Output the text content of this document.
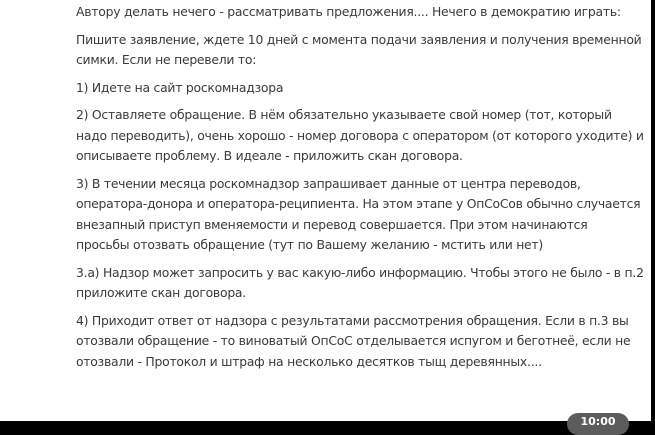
Автору делать нечего - рассматривать предложения.... Нечего в демократию играть:

Пишите заявление, ждете 10 дней с момента подачи заявления и получения временной симки. Если не перевели то:

1) Идете на сайт роскомнадзора

2) Оставляете обращение. В нём обязательно указываете свой номер (тот, который надо переводить), очень хорошо - номер договора с оператором (от которого уходите) и описываете проблему. В идеале - приложить скан договора.

3) В течении месяца роскомнадзор запрашивает данные от центра переводов, оператора-донора и оператора-реципиента. На этом этапе у ОпСоСов обычно случается внезапный приступ вменяемости и перевод совершается. При этом начинаются просьбы отозвать обращение (тут по Вашему желанию - мстить или нет)

3.а) Надзор может запросить у вас какую-либо информацию. Чтобы этого не было - в п.2 приложите скан договора.

4) Приходит ответ от надзора с результатами рассмотрения обращения. Если в п.3 вы отозвали обращение - то виноватый ОпСоС отделывается испугом и беготнеё, если не отозвали - Протокол и штраф на несколько десятков тыщ деревянных....

10:00
